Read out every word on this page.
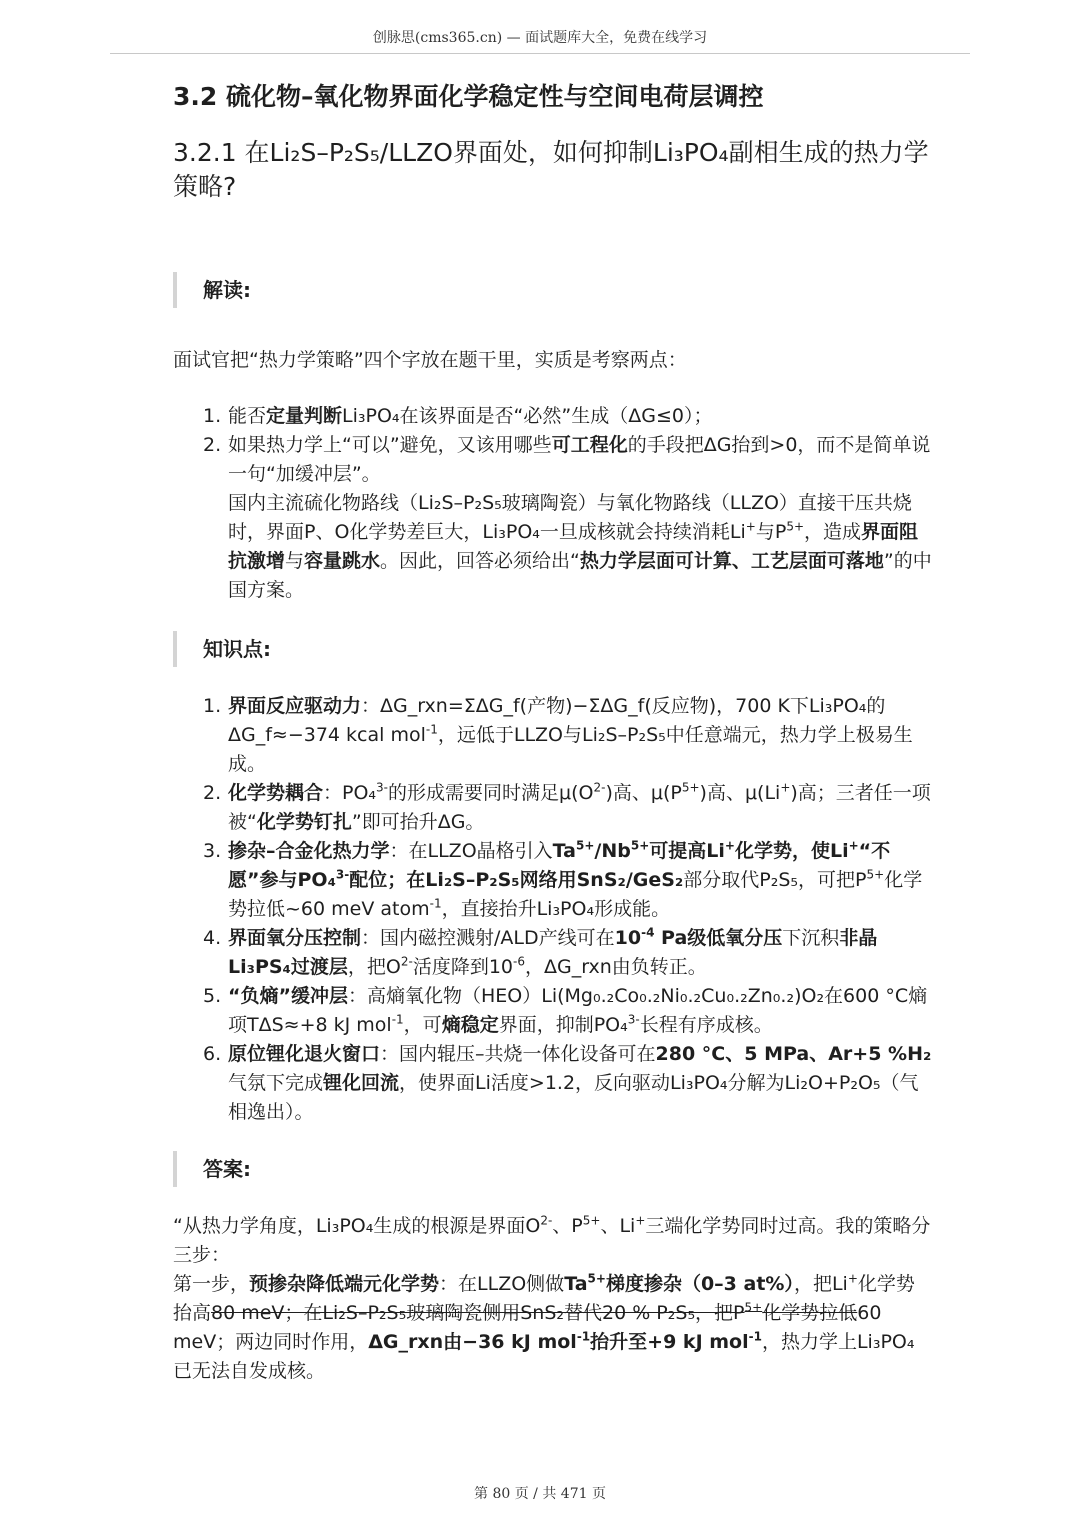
创脉思(cms365.cn) — 面试题库大全，免费在线学习
3.2 硫化物–氧化物界面化学稳定性与空间电荷层调控
3.2.1 在Li₂S–P₂S₅/LLZO界面处，如何抑制Li₃PO₄副相生成的热力学策略?
解读:

面试官把“热力学策略”四个字放在题干里，实质是考察两点：

1. 能否定量判断Li₃PO₄在该界面是否“必然”生成（ΔG≤0）；
2. 如果热力学上“可以”避免，又该用哪些可工程化的手段把ΔG抬到>0，而不是简单说一句“加缓冲层”。

国内主流硫化物路线（Li₂S–P₂S₅玻璃陶瓷）与氧化物路线（LLZO）直接干压共烧时，界面P、O化学势差巨大，Li₃PO₄一旦成核就会持续消耗Li+与$P^{5+}$，造成界面阻抗激增与容量跳水。因此，回答必须给出“热力学层面可计算、工艺层面可落地”的中国方案。

知识点:
1. 界面反应驱动力：ΔG_rxn=ΣΔG_f(产物)−ΣΔG_f(反应物)，700 K下Li₃PO₄的ΔG_f≈−374 kcal mol$^{-1}$，远低于LLZO与Li₂S–P₂S₅中任意端元，热力学上极易生成。
2. 化学势耦合：PO₄$^{3-}$的形成需要同时满足$\mu(O^{2-})$高、$\mu(P^{5+})$高、μ(Li+)高；三者任一项被“化学势钉扎”即可抬升ΔG。
3. 掺杂–合金化热力学：在LLZO晶格引入$Ta^{5+}/Nb^{5+}$可提高Li+化学势，使Li+“不愿”参与PO₄$^{3-}$配位；在Li₂S–P₂S₅网络用SnS₂/GeS₂部分取代P₂S₅，可把$P^{5+}$化学势拉低~60 meV atom$^{-1}$，直接抬升Li₃PO₄形成能。
4. 界面氧分压控制：国内磁控溅射/ALD产线可在$10^{-4}$ Pa级低氧分压下沉积非晶Li₃PS₄过渡层，把$O^{2-}$活度降到$10^{-6}$，ΔG_rxn由负转正。
5. “负熵”缓冲层：高熵氧化物（HEO）Li(Mg₀.₂Co₀.₂Ni₀.₂Cu₀.₂Zn₀.₂)O₂在600 °C熵项TΔS≈+8 kJ mol$^{-1}$，可熵稳定界面，抑制PO₄$^{3-}$长程有序成核。
6. 原位锂化退火窗口：国内辊压–共烧一体化设备可在280 °C、5 MPa、Ar+5 %H₂气氛下完成锂化回流，使界面Li活度>1.2，反向驱动Li₃PO₄分解为Li₂O+P₂O₅（气相逸出）。
答案:

“从热力学角度，Li₃PO₄生成的根源是界面$O^{2-}$、$P^{5+}$、Li+三端化学势同时过高。我的策略分三步：

第一步，预掺杂降低端元化学势：在LLZO侧做$Ta^{5+}$梯度掺杂（0–3 at%），把Li+化学势抬高80 meV；在Li₂S–P₂S₅玻璃陶瓷侧用SnS₂替代20 % P₂S₅，把$P^{5+}$化学势拉低60 meV；两边同时作用，ΔG_rxn由−36 kJ mol$^{-1}$抬升至+9 kJ mol$^{-1}$，热力学上Li₃PO₄已无法自发成核。

第 80 页 / 共 471 页
